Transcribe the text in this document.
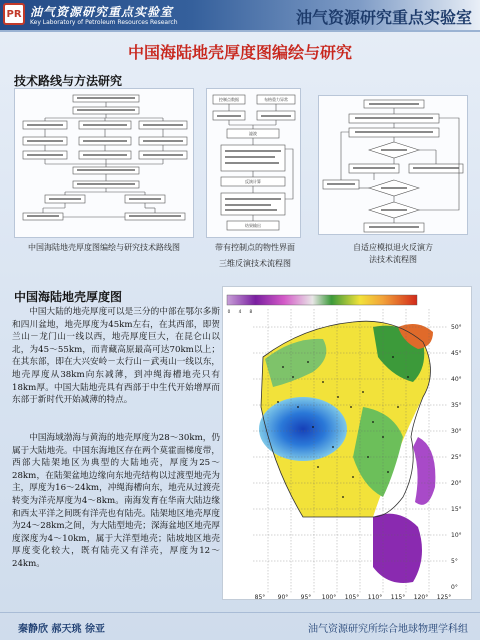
PR 油气资源研究重点实验室
Key Laboratory of Petroleum Resources Research	油气资源研究重点实验室
中国海陆地壳厚度图编绘与研究
技术路线与方法研究
控制点数据	布格重力异常
滤波
反演计算
结果输出
中国海陆地壳厚度图编绘与研究技术路线图	带有控制点的物性界面
三维反演技术流程图
自适应模拟退火反演方
法技术流程图
中国海陆地壳厚度图
中国大陆的地壳厚度可以是三分的中部在鄂尔多斯和四川盆地，地壳厚度为45km左右，在其西部，即贺兰山－龙门山一线以西，地壳厚度巨大，在昆仑山以北，为45～55km，而青藏高原最高可达70km以上；在其东部，即在大兴安岭－太行山－武夷山一线以东，地壳厚度从38km向东减薄，到冲绳海槽地壳只有18km厚。中国大陆地壳具有西部于中生代开始增厚而东部于新时代开始减薄的特点。
中国海域渤海与黄海的地壳厚度为28～30km，仍属于大陆地壳。中国东海地区存在两个莫霍面梯度带，西部大陆架地区为典型的大陆地壳，厚度为25～28km，在陆架盆地边缘向东地壳结构以过渡型地壳为主，厚度为16～24km，冲绳海槽向东，地壳从过渡壳转变为洋壳厚度为4～8km。南海发育在华南大陆边缘和西太平洋之间既有洋壳也有陆壳。陆架地区地壳厚度为24～28km之间，为大陆型地壳；深海盆地区地壳厚度深度为4～10km，属于大洋型地壳；陆坡地区地壳厚度变化较大，既有陆壳又有洋壳，厚度为12～24km。
0 4 8
50°
45°
40°
35°
30°
25°
20°
15°
10°
5°
0°
85° 90° 95° 100° 105° 110° 115° 120° 125°
秦静欣 郝天珧 徐亚	油气资源研究所综合地球物理学科组
